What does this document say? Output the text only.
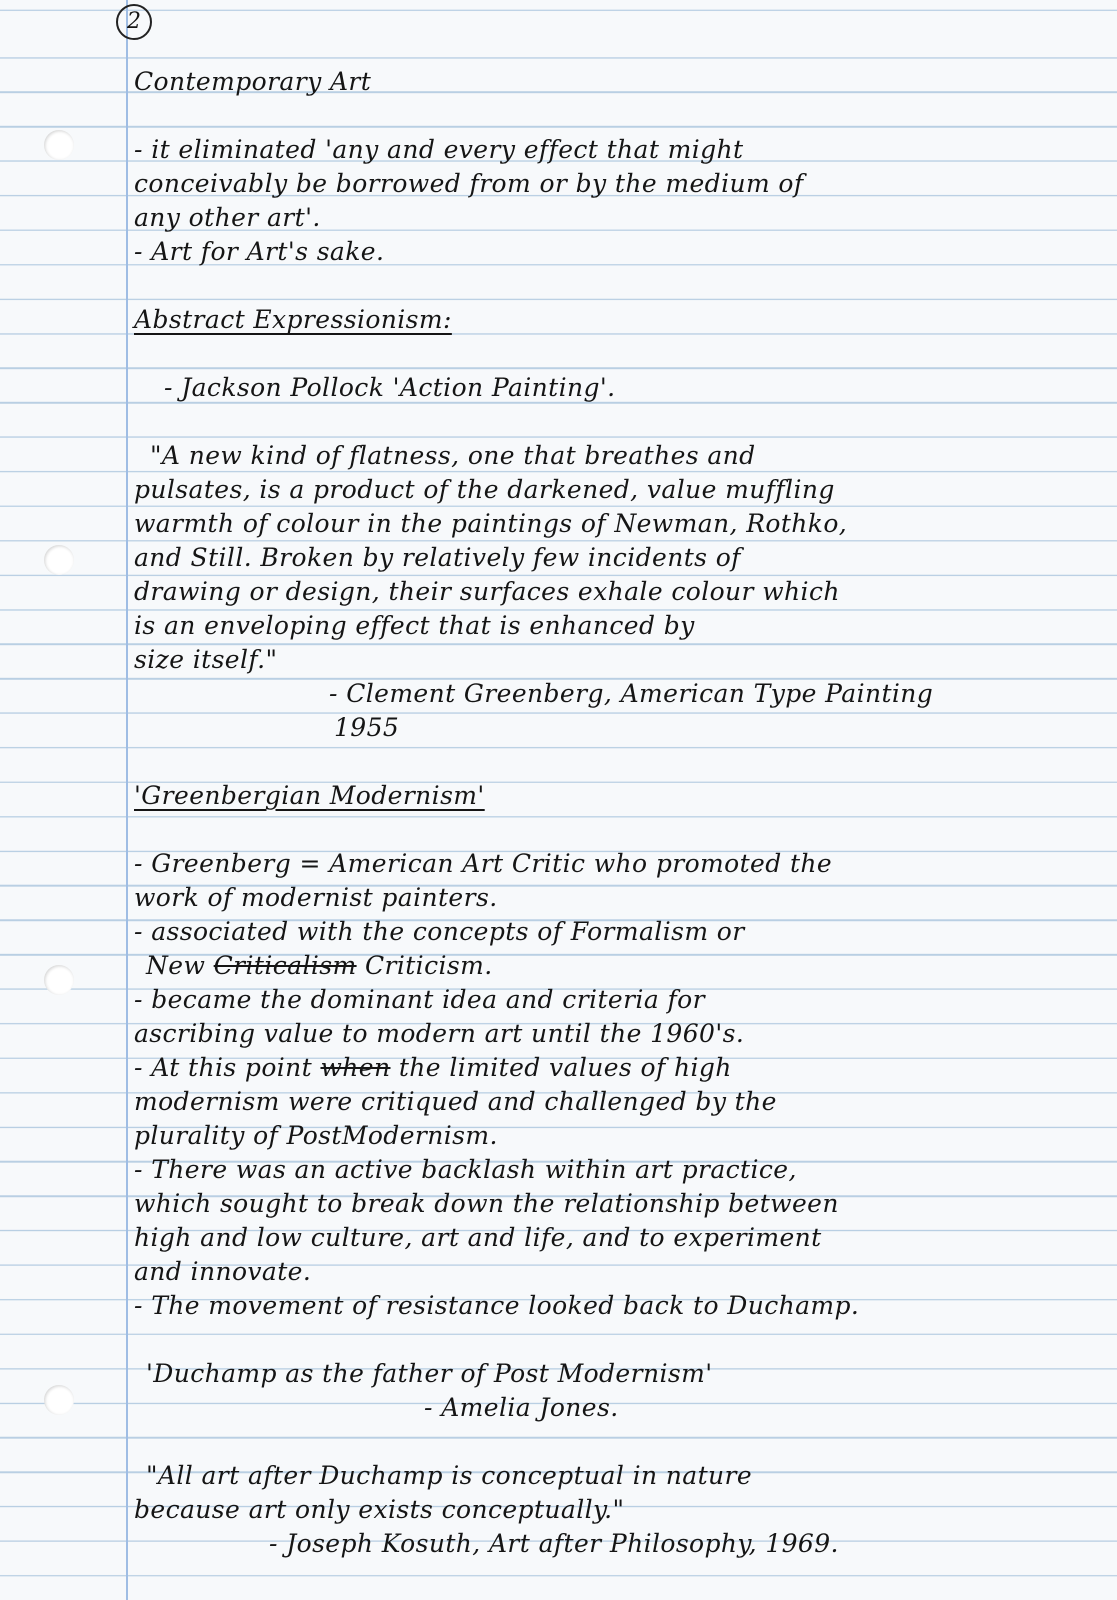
2
Contemporary Art
- it eliminated 'any and every effect that might
conceivably be borrowed from or by the medium of
any other art'.
- Art for Art's sake.
Abstract Expressionism:
- Jackson Pollock 'Action Painting'.
"A new kind of flatness, one that breathes and
pulsates, is a product of the darkened, value muffling
warmth of colour in the paintings of Newman, Rothko,
and Still. Broken by relatively few incidents of
drawing or design, their surfaces exhale colour which
is an enveloping effect that is enhanced by
size itself."
- Clement Greenberg, American Type Painting
1955
'Greenbergian Modernism'
- Greenberg = American Art Critic who promoted the
work of modernist painters.
- associated with the concepts of Formalism or
New Criticalism Criticism.
- became the dominant idea and criteria for
ascribing value to modern art until the 1960's.
- At this point when the limited values of high
modernism were critiqued and challenged by the
plurality of PostModernism.
- There was an active backlash within art practice,
which sought to break down the relationship between
high and low culture, art and life, and to experiment
and innovate.
- The movement of resistance looked back to Duchamp.
'Duchamp as the father of Post Modernism'
- Amelia Jones.
"All art after Duchamp is conceptual in nature
because art only exists conceptually."
- Joseph Kosuth, Art after Philosophy, 1969.
